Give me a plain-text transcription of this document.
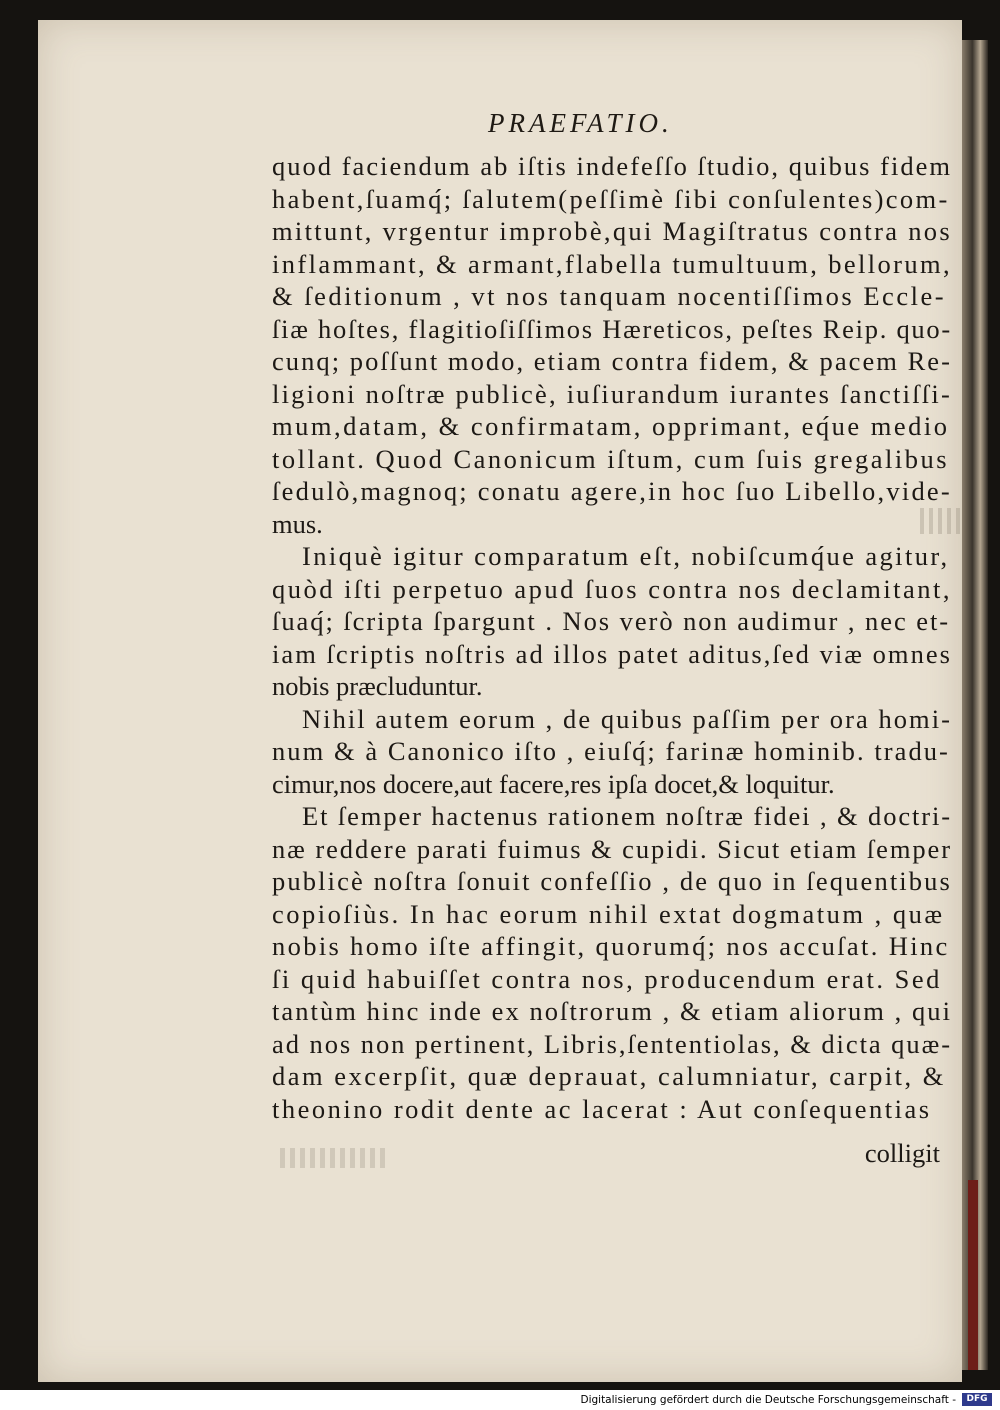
PRAEFATIO.
quod faciendum ab iſtis indefeſſo ſtudio, quibus fidem
habent,ſuamq́; ſalutem(peſſimè ſibi conſulentes)com-
mittunt, vrgentur improbè,qui Magiſtratus contra nos
inflammant, & armant,flabella tumultuum, bellorum,
& ſeditionum , vt nos tanquam nocentiſſimos Eccle-
ſiæ hoſtes, flagitioſiſſimos Hæreticos, peſtes Reip. quo-
cunq; poſſunt modo, etiam contra fidem, & pacem Re-
ligioni noſtræ publicè, iuſiurandum iurantes ſanctiſſi-
mum,datam, & confirmatam, opprimant, eq́ue medio
tollant. Quod Canonicum iſtum, cum ſuis gregalibus
ſedulò,magnoq; conatu agere,in hoc ſuo Libello,vide-
mus.
Iniquè igitur comparatum eſt, nobiſcumq́ue agitur,
quòd iſti perpetuo apud ſuos contra nos declamitant,
ſuaq́; ſcripta ſpargunt . Nos verò non audimur , nec et-
iam ſcriptis noſtris ad illos patet aditus,ſed viæ omnes
nobis præcluduntur.
Nihil autem eorum , de quibus paſſim per ora homi-
num & à Canonico iſto , eiuſq́; farinæ hominib. tradu-
cimur,nos docere,aut facere,res ipſa docet,& loquitur.
Et ſemper hactenus rationem noſtræ fidei , & doctri-
næ reddere parati fuimus & cupidi. Sicut etiam ſemper
publicè noſtra ſonuit confeſſio , de quo in ſequentibus
copioſiùs. In hac eorum nihil extat dogmatum , quæ
nobis homo iſte affingit, quorumq́; nos accuſat. Hinc
ſi quid habuiſſet contra nos, producendum erat. Sed
tantùm hinc inde ex noſtrorum , & etiam aliorum , qui
ad nos non pertinent, Libris,ſententiolas, & dicta quæ-
dam excerpſit, quæ deprauat, calumniatur, carpit, &
theonino rodit dente ac lacerat : Aut conſequentias
colligit
Digitalisierung gefördert durch die Deutsche Forschungsgemeinschaft -	DFG
